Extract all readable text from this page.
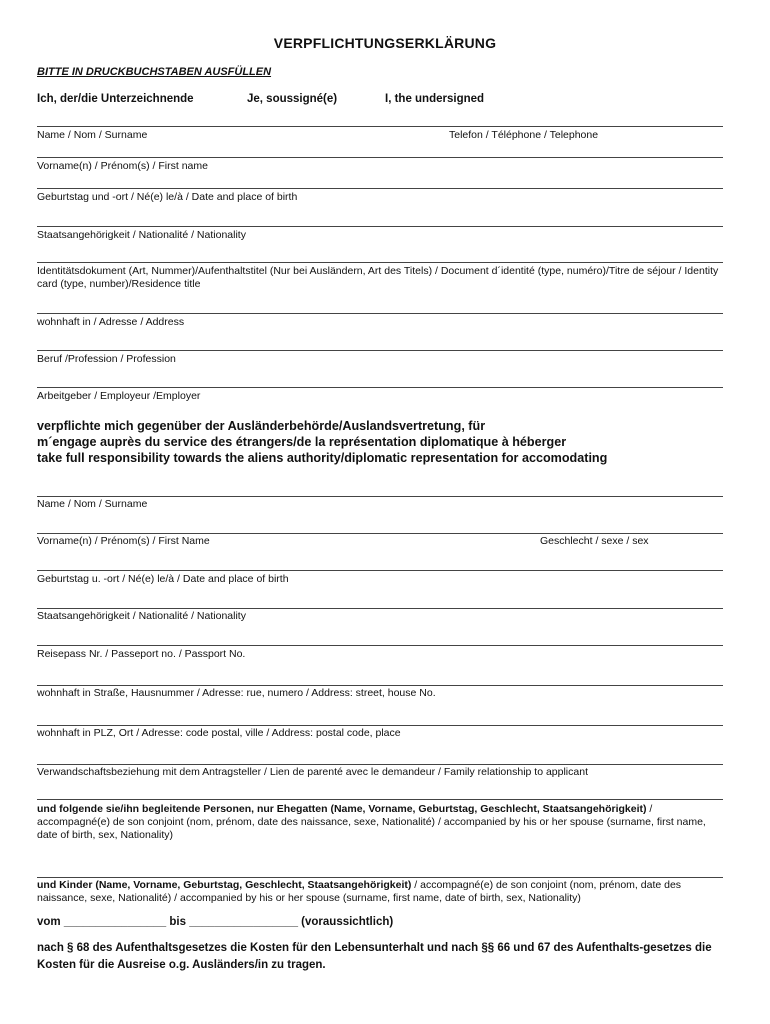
VERPFLICHTUNGSERKLÄRUNG
BITTE IN DRUCKBUCHSTABEN AUSFÜLLEN
Ich, der/die Unterzeichnende	Je, soussigné(e)	I, the undersigned
Name / Nom / Surname	Telefon / Téléphone / Telephone
Vorname(n) / Prénom(s) / First name
Geburtstag und -ort / Né(e) le/à / Date and place of birth
Staatsangehörigkeit / Nationalité / Nationality
Identitätsdokument (Art, Nummer)/Aufenthaltstitel (Nur bei Ausländern, Art des Titels) / Document d´identité (type, numéro)/Titre de séjour / Identity card (type, number)/Residence title
wohnhaft in / Adresse / Address
Beruf /Profession / Profession
Arbeitgeber / Employeur /Employer
verpflichte mich gegenüber der Ausländerbehörde/Auslandsvertretung, für
m´engage auprès du service des étrangers/de la représentation diplomatique à héberger
take full responsibility towards the aliens authority/diplomatic representation for accomodating
Name / Nom / Surname
Vorname(n) / Prénom(s) / First Name	Geschlecht / sexe / sex
Geburtstag u. -ort / Né(e) le/à / Date and place of birth
Staatsangehörigkeit / Nationalité / Nationality
Reisepass Nr. / Passeport no. / Passport No.
wohnhaft in Straße, Hausnummer / Adresse: rue, numero / Address: street, house No.
wohnhaft in PLZ, Ort / Adresse: code postal, ville / Address: postal code, place
Verwandschaftsbeziehung mit dem Antragsteller / Lien de parenté avec le demandeur / Family relationship to applicant
und folgende sie/ihn begleitende Personen, nur Ehegatten (Name, Vorname, Geburtstag, Geschlecht, Staatsangehörigkeit) / accompagné(e) de son conjoint (nom, prénom, date des naissance, sexe, Nationalité) / accompanied by his or her spouse (surname, first name, date of birth, sex, Nationality)
und Kinder (Name, Vorname, Geburtstag, Geschlecht, Staatsangehörigkeit) / accompagné(e) de son conjoint (nom, prénom, date des naissance, sexe, Nationalité) / accompanied by his or her spouse (surname, first name, date of birth, sex, Nationality)
vom ________________ bis _________________ (voraussichtlich)
nach § 68 des Aufenthaltsgesetzes die Kosten für den Lebensunterhalt und nach §§ 66 und 67 des Aufenthalts-gesetzes die Kosten für die Ausreise o.g. Ausländers/in zu tragen.
